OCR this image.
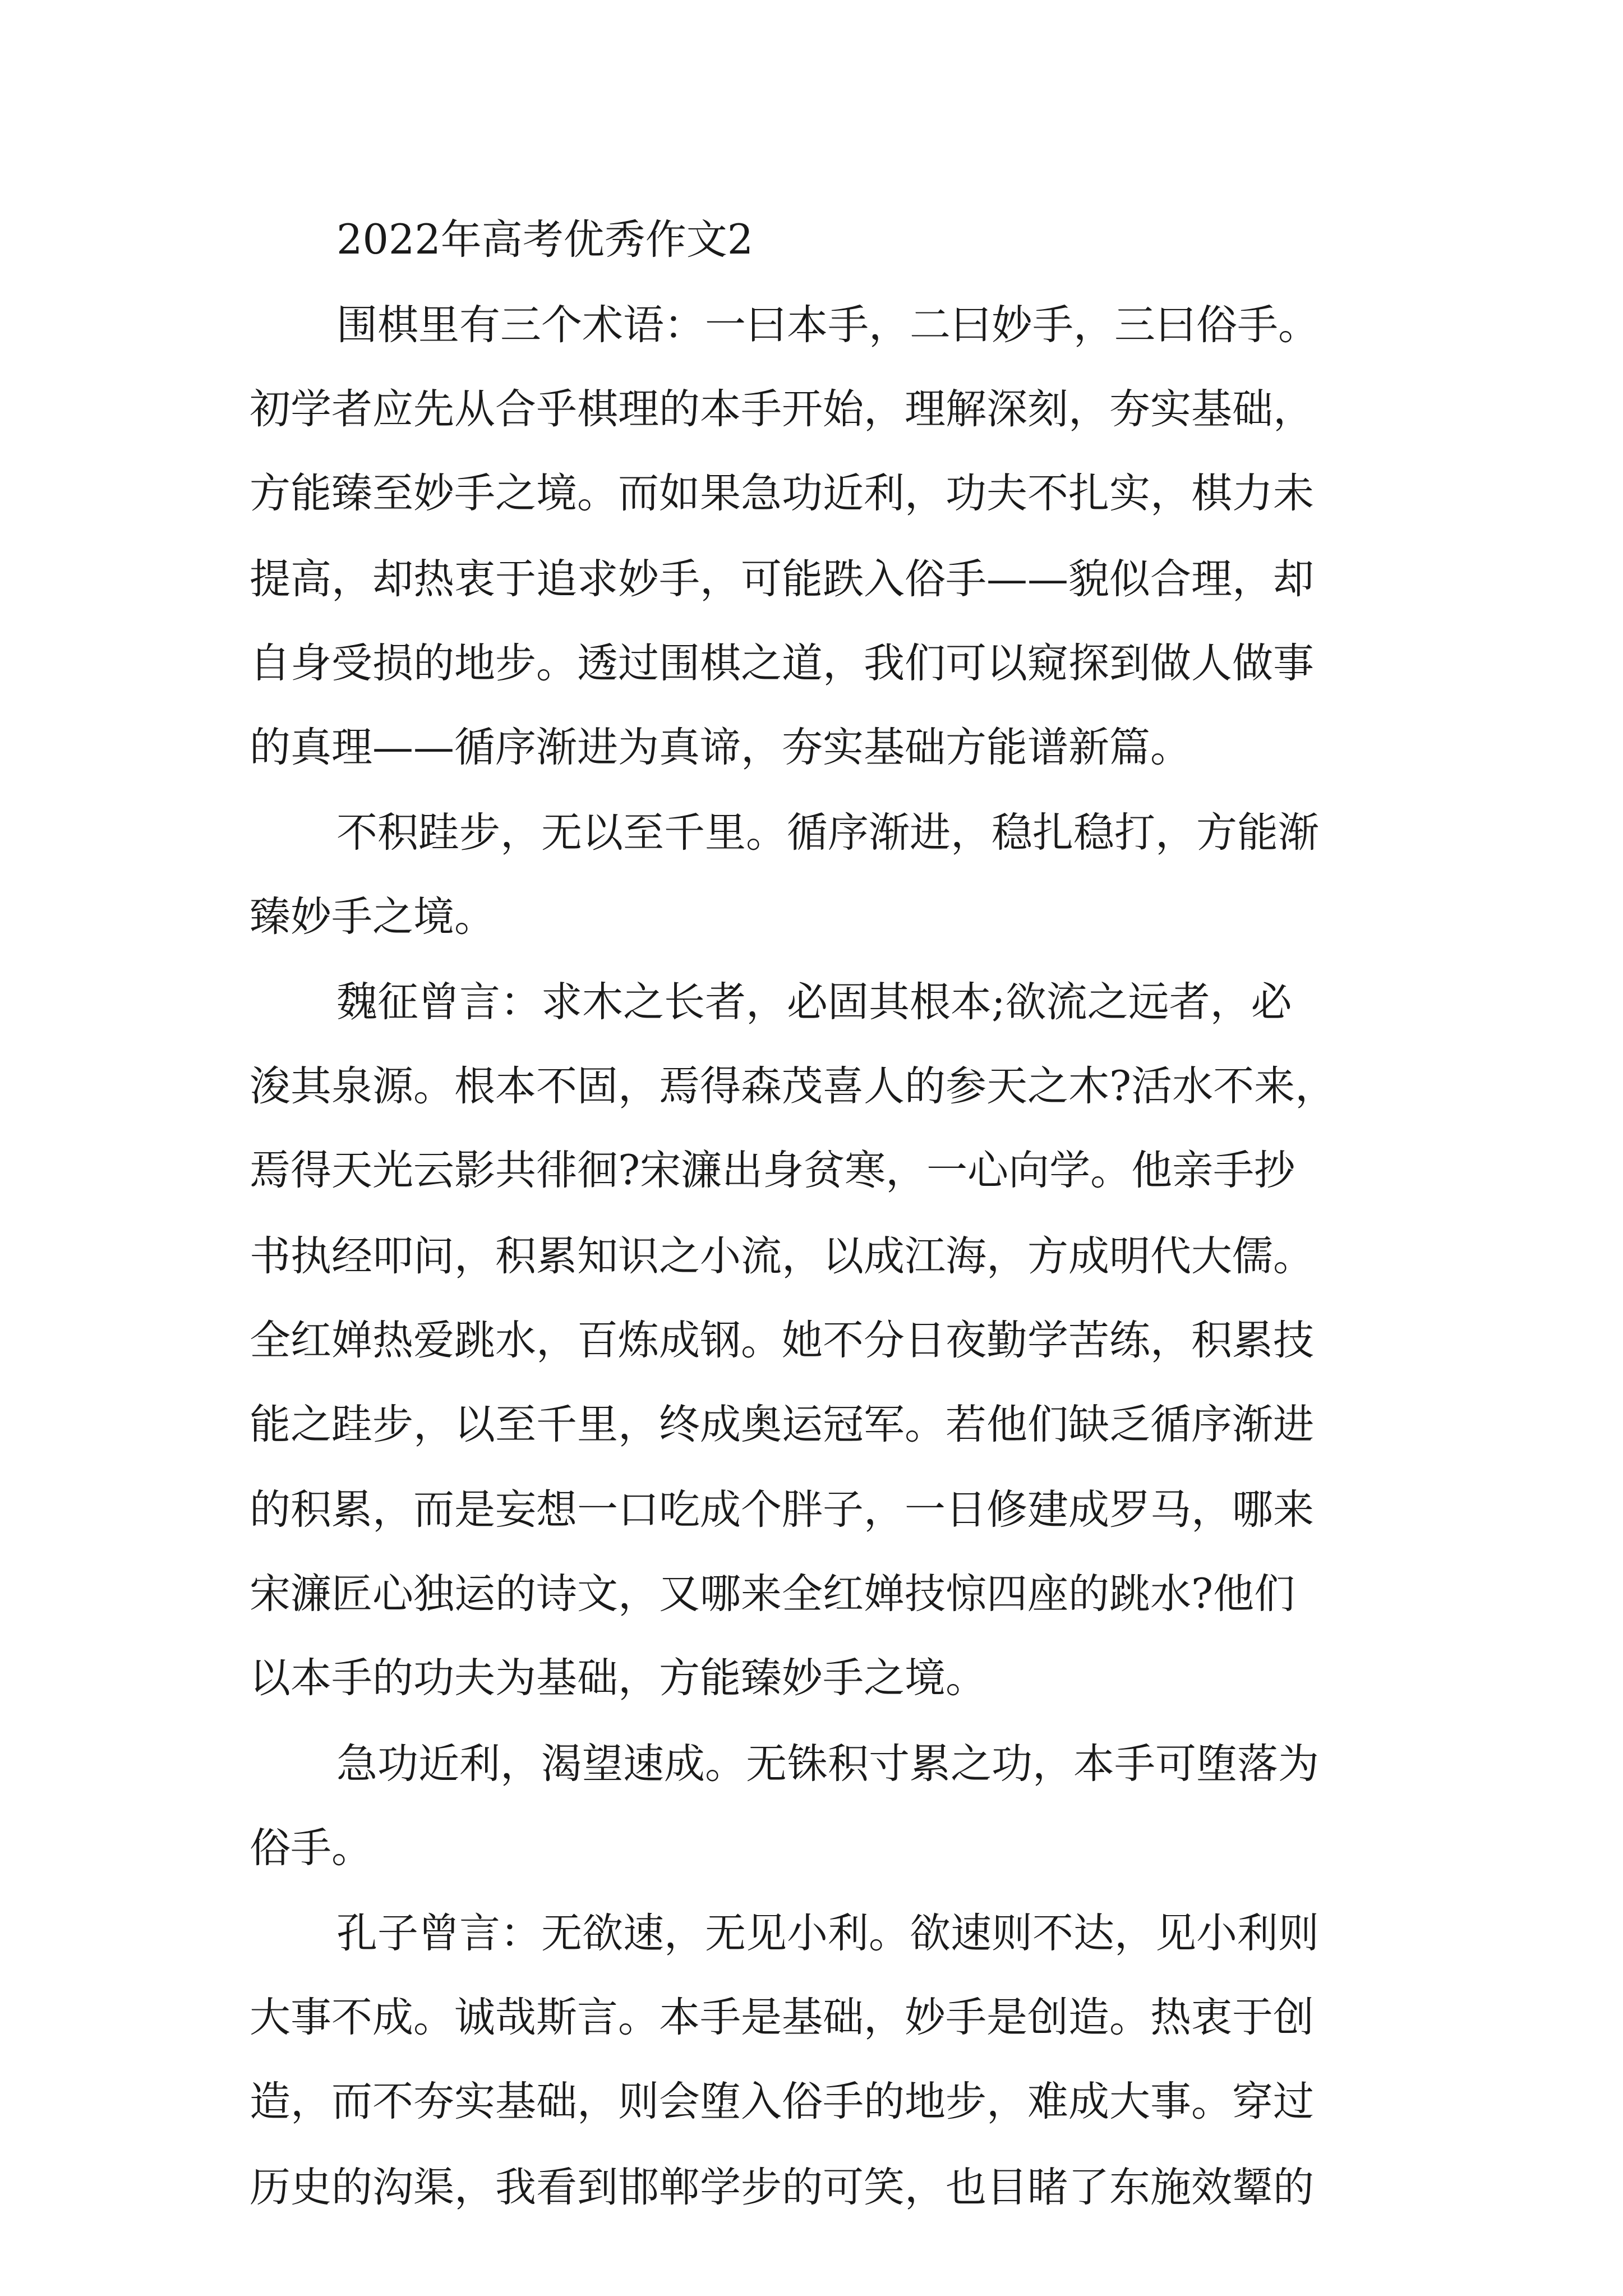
2022年高考优秀作文2
围棋里有三个术语：一曰本手，二曰妙手，三曰俗手。
初学者应先从合乎棋理的本手开始，理解深刻，夯实基础，
方能臻至妙手之境。而如果急功近利，功夫不扎实，棋力未
提高，却热衷于追求妙手，可能跌入俗手——貌似合理，却
自身受损的地步。透过围棋之道，我们可以窥探到做人做事
的真理——循序渐进为真谛，夯实基础方能谱新篇。
不积跬步，无以至千里。循序渐进，稳扎稳打，方能渐
臻妙手之境。
魏征曾言：求木之长者，必固其根本;欲流之远者，必
浚其泉源。根本不固，焉得森茂喜人的参天之木?活水不来，
焉得天光云影共徘徊?宋濂出身贫寒，一心向学。他亲手抄
书执经叩问，积累知识之小流，以成江海，方成明代大儒。
全红婵热爱跳水，百炼成钢。她不分日夜勤学苦练，积累技
能之跬步，以至千里，终成奥运冠军。若他们缺乏循序渐进
的积累，而是妄想一口吃成个胖子，一日修建成罗马，哪来
宋濂匠心独运的诗文，又哪来全红婵技惊四座的跳水?他们
以本手的功夫为基础，方能臻妙手之境。
急功近利，渴望速成。无铢积寸累之功，本手可堕落为
俗手。
孔子曾言：无欲速，无见小利。欲速则不达，见小利则
大事不成。诚哉斯言。本手是基础，妙手是创造。热衷于创
造，而不夯实基础，则会堕入俗手的地步，难成大事。穿过
历史的沟渠，我看到邯郸学步的可笑，也目睹了东施效颦的
